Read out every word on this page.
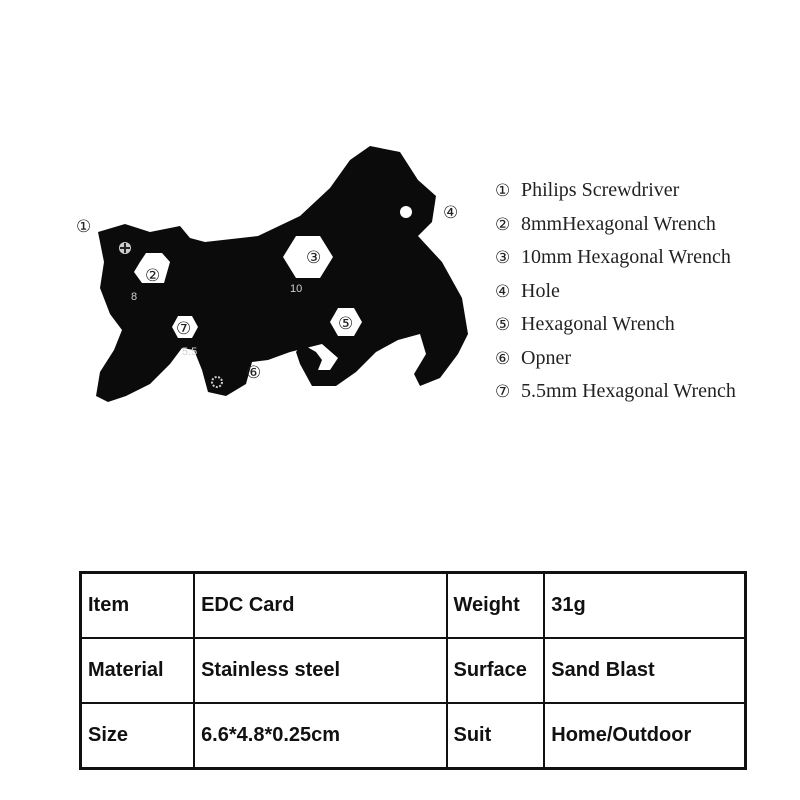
8
10
5.5
①
②
③
④
⑤
⑥
⑦
① Philips Screwdriver
② 8mmHexagonal Wrench
③ 10mm Hexagonal Wrench
④ Hole
⑤ Hexagonal Wrench
⑥ Opner
⑦ 5.5mm Hexagonal Wrench
Item	EDC Card	Weight	31g
Material	Stainless steel	Surface	Sand Blast
Size	6.6*4.8*0.25cm	Suit	Home/Outdoor
